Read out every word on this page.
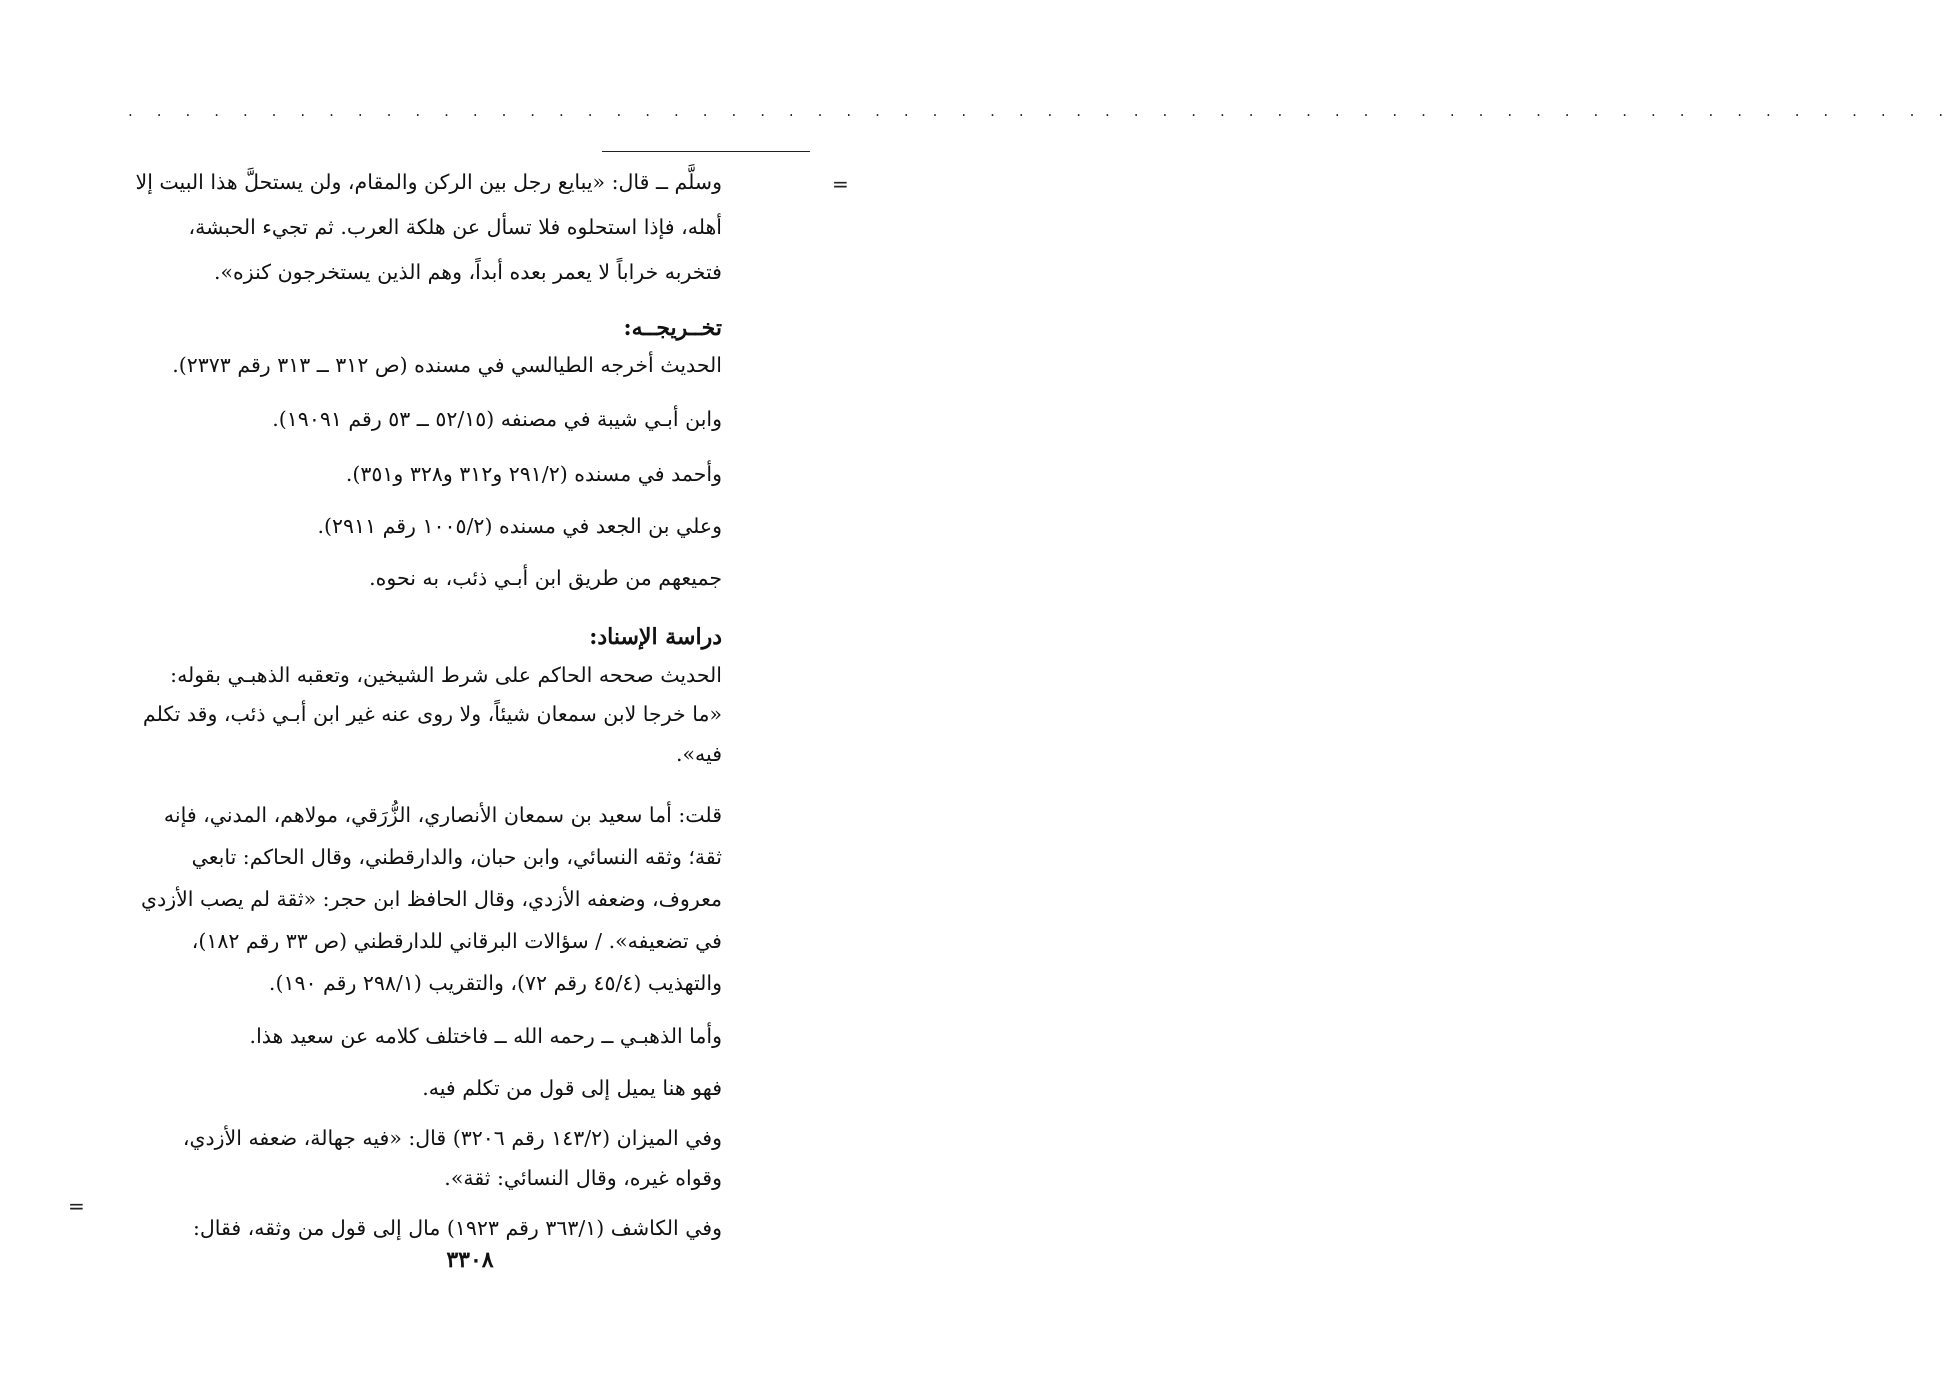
. . . . . . . . . . . . . . . . . . . . . . . . . . . . . . . . . . . . . . . . . . . . . . . . . . . . . . . . . . . . . . . .
=
=
وسلَّم ــ قال: «يبايع رجل بين الركن والمقام، ولن يستحلَّ هذا البيت إلا
أهله، فإذا استحلوه فلا تسأل عن هلكة العرب. ثم تجيء الحبشة،
فتخربه خراباً لا يعمر بعده أبداً، وهم الذين يستخرجون كنزه».
تخــريجــه:
الحديث أخرجه الطيالسي في مسنده (ص ٣١٢ ــ ٣١٣ رقم ٢٣٧٣).
وابن أبـي شيبة في مصنفه (٥٢/١٥ ــ ٥٣ رقم ١٩٠٩١).
وأحمد في مسنده (٢٩١/٢ و٣١٢ و٣٢٨ و٣٥١).
وعلي بن الجعد في مسنده (١٠٠٥/٢ رقم ٢٩١١).
جميعهم من طريق ابن أبـي ذئب، به نحوه.
دراسة الإسناد:
الحديث صححه الحاكم على شرط الشيخين، وتعقبه الذهبـي بقوله:
«ما خرجا لابن سمعان شيئاً، ولا روى عنه غير ابن أبـي ذئب، وقد تكلم
فيه».
قلت: أما سعيد بن سمعان الأنصاري، الزُّرَقي، مولاهم، المدني، فإنه
ثقة؛ وثقه النسائي، وابن حبان، والدارقطني، وقال الحاكم: تابعي
معروف، وضعفه الأزدي، وقال الحافظ ابن حجر: «ثقة لم يصب الأزدي
في تضعيفه». / سؤالات البرقاني للدارقطني (ص ٣٣ رقم ١٨٢)،
والتهذيب (٤٥/٤ رقم ٧٢)، والتقريب (٢٩٨/١ رقم ١٩٠).
وأما الذهبـي ــ رحمه الله ــ فاختلف كلامه عن سعيد هذا.
فهو هنا يميل إلى قول من تكلم فيه.
وفي الميزان (١٤٣/٢ رقم ٣٢٠٦) قال: «فيه جهالة، ضعفه الأزدي،
وقواه غيره، وقال النسائي: ثقة».
وفي الكاشف (٣٦٣/١ رقم ١٩٢٣) مال إلى قول من وثقه، فقال:
٣٣٠٨
